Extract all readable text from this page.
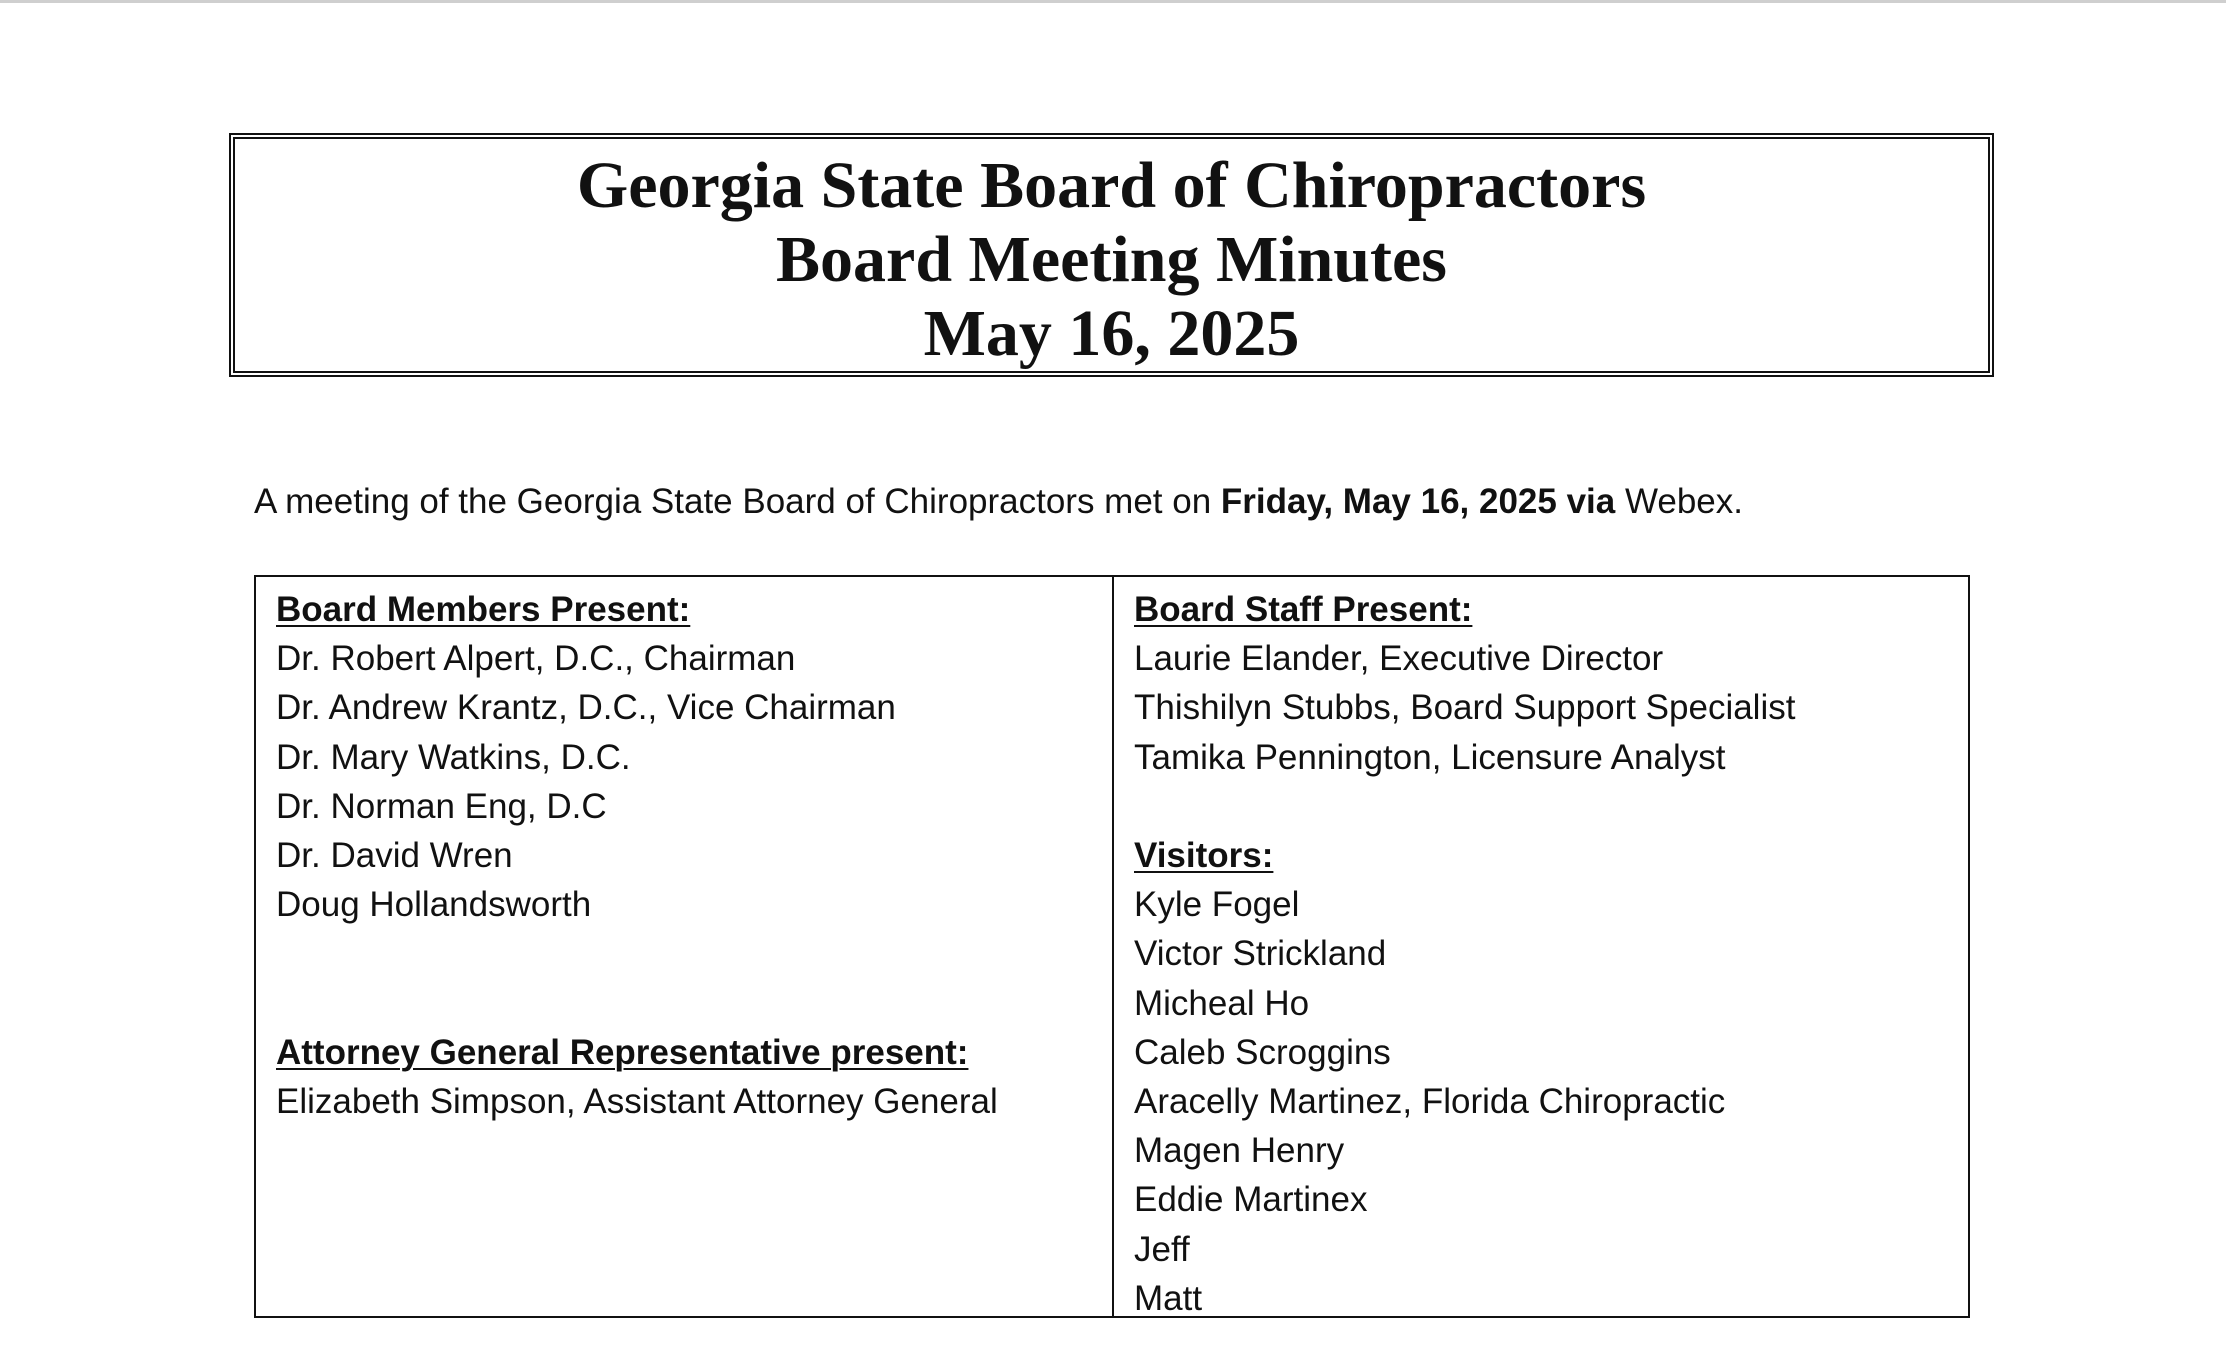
Georgia State Board of Chiropractors
Board Meeting Minutes
May 16, 2025
A meeting of the Georgia State Board of Chiropractors met on Friday, May 16, 2025 via Webex.
Board Members Present:
Dr. Robert Alpert, D.C., Chairman
Dr. Andrew Krantz, D.C., Vice Chairman
Dr. Mary Watkins, D.C.
Dr. Norman Eng, D.C
Dr. David Wren
Doug Hollandsworth
Attorney General Representative present:
Elizabeth Simpson, Assistant Attorney General
Board Staff Present:
Laurie Elander, Executive Director
Thishilyn Stubbs, Board Support Specialist
Tamika Pennington, Licensure Analyst
Visitors:
Kyle Fogel
Victor Strickland
Micheal Ho
Caleb Scroggins
Aracelly Martinez, Florida Chiropractic
Magen Henry
Eddie Martinex
Jeff
Matt
